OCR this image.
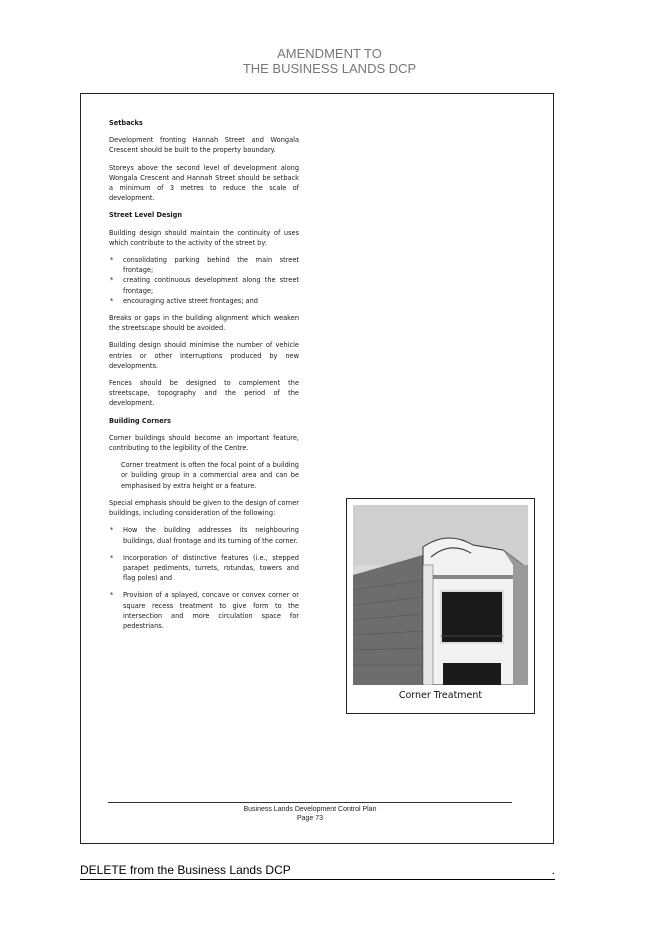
AMENDMENT TO
THE BUSINESS LANDS DCP
Setbacks
Development fronting Hannah Street and Wongala Crescent should be built to the property boundary.
Storeys above the second level of development along Wongala Crescent and Hannah Street should be setback a minimum of 3 metres to reduce the scale of development.
Street Level Design
Building design should maintain the continuity of uses which contribute to the activity of the street by:
* consolidating parking behind the main street frontage;
* creating continuous development along the street frontage;
* encouraging active street frontages; and
Breaks or gaps in the building alignment which weaken the streetscape should be avoided.
Building design should minimise the number of vehicle entries or other interruptions produced by new developments.
Fences should be designed to complement the streetscape, topography and the period of the development.
Building Corners
Corner buildings should become an important feature, contributing to the legibility of the Centre.
Corner treatment is often the focal point of a building or building group in a commercial area and can be emphasised by extra height or a feature.
Special emphasis should be given to the design of corner buildings, including consideration of the following:
* How the building addresses its neighbouring buildings, dual frontage and its turning of the corner.
* Incorporation of distinctive features (i.e., stepped parapet pediments, turrets, rotundas, towers and flag poles) and
* Provision of a splayed, concave or convex corner or square recess treatment to give form to the intersection and more circulation space for pedestrians.
Corner Treatment
Business Lands Development Control Plan
Page 73
DELETE from the Business Lands DCP	.
